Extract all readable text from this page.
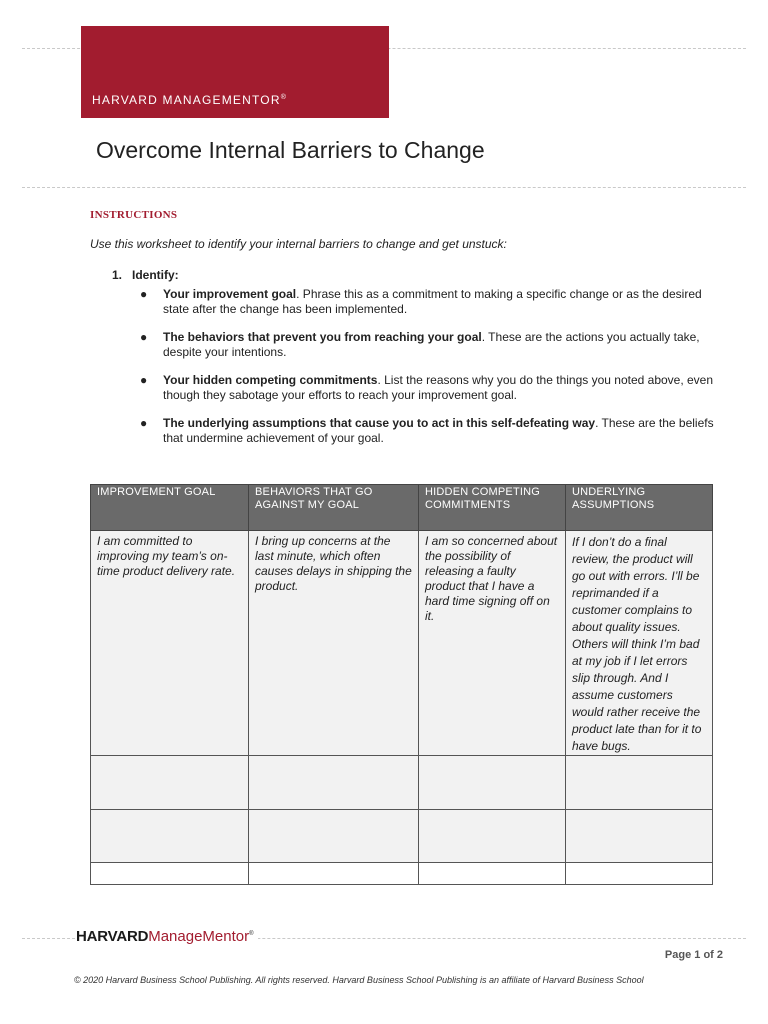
HARVARD MANAGEMENTOR®
Overcome Internal Barriers to Change
INSTRUCTIONS
Use this worksheet to identify your internal barriers to change and get unstuck:
1.   Identify:
● Your improvement goal. Phrase this as a commitment to making a specific change or as the desired state after the change has been implemented.
● The behaviors that prevent you from reaching your goal. These are the actions you actually take, despite your intentions.
● Your hidden competing commitments. List the reasons why you do the things you noted above, even though they sabotage your efforts to reach your improvement goal.
● The underlying assumptions that cause you to act in this self-defeating way. These are the beliefs that undermine achievement of your goal.
IMPROVEMENT GOAL	BEHAVIORS THAT GO AGAINST MY GOAL	HIDDEN COMPETING COMMITMENTS	UNDERLYING ASSUMPTIONS
I am committed to improving my team’s on-time product delivery rate.	I bring up concerns at the last minute, which often causes delays in shipping the product.	I am so concerned about the possibility of releasing a faulty product that I have a hard time signing off on it.	If I don’t do a final review, the product will go out with errors. I’ll be reprimanded if a customer complains to about quality issues. Others will think I’m bad at my job if I let errors slip through. And I assume customers would rather receive the product late than for it to have bugs.

HARVARDManageMentor®
Page 1 of 2
© 2020 Harvard Business School Publishing. All rights reserved. Harvard Business School Publishing is an affiliate of Harvard Business School
